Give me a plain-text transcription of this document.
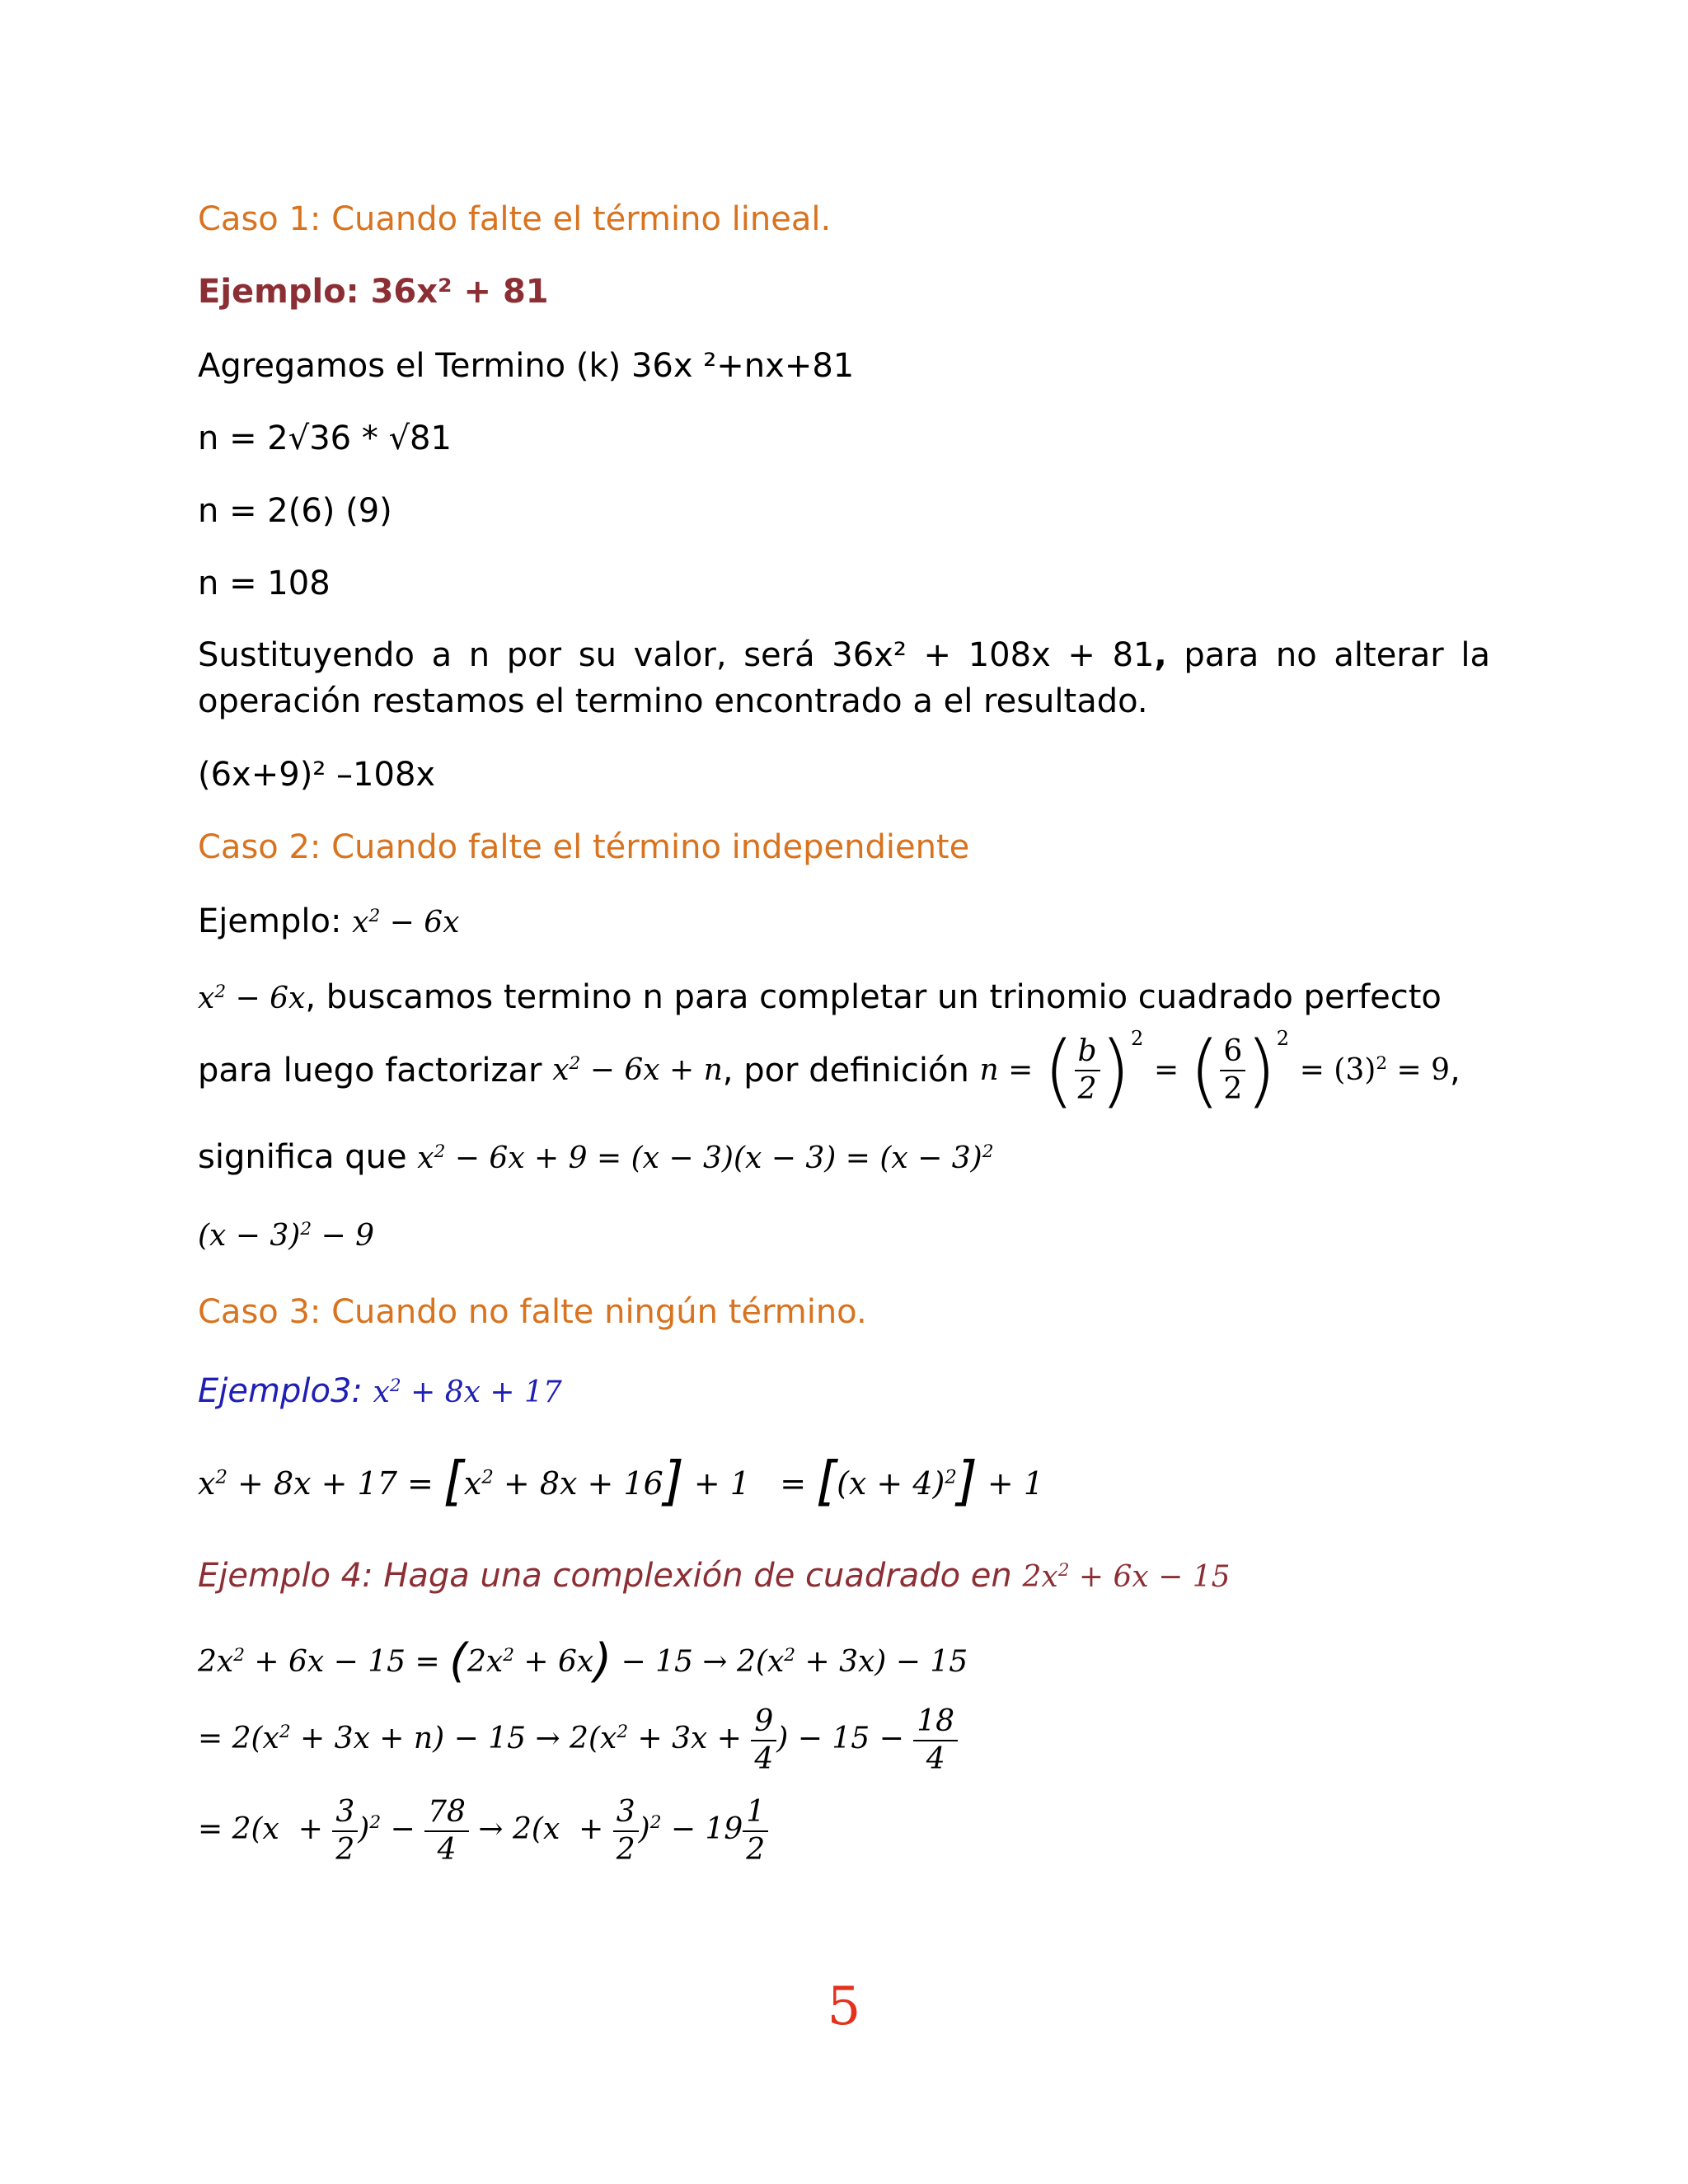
Caso 1: Cuando falte el término lineal.
Ejemplo: 36x² + 81
Agregamos el Termino (k) 36x ²+nx+81
n = 2√36 * √81
n = 2(6) (9)
n = 108
Sustituyendo a n por su valor, será 36x² + 108x + 81, para no alterar la operación restamos el termino encontrado a el resultado.
(6x+9)² –108x
Caso 2: Cuando falte el término independiente
Ejemplo: $x^2 - 6x$
$x^2 - 6x$, buscamos termino n para completar un trinomio cuadrado perfecto
para luego factorizar $x^2 - 6x + n$, por definición n = ( $\frac{b}{2} )^2$ = ( $\frac{6}{2} )^2 = (3)^2 = 9$,
significa que $x^2 - 6x + 9 = (x - 3)(x - 3) = (x - 3)^2$
$(x - 3)^2 - 9$
Caso 3: Cuando no falte ningún término.
Ejemplo3: $x^2 + 8x + 17$
$x^2 + 8x + 17 = [x^2 + 8x + 16] + 1 = [(x + 4)^2] + 1$
Ejemplo 4: Haga una complexión de cuadrado en $2x^2 + 6x - 15$
$2x^2 + 6x - 15 = (2x^2 + 6x) - 15 \to 2(x^2 + 3x) - 15$
= $2(x^2 + 3x + n) - 15 \to 2(x^2 + 3x + \frac{9}{4}$ ) − $15 - \frac{18}{4}$
= $2(x + \frac{3}{2} )^2 - \frac{78}{4} \to 2(x + \frac{3}{2} )^2 - 19 \frac{1}{2}$
5
